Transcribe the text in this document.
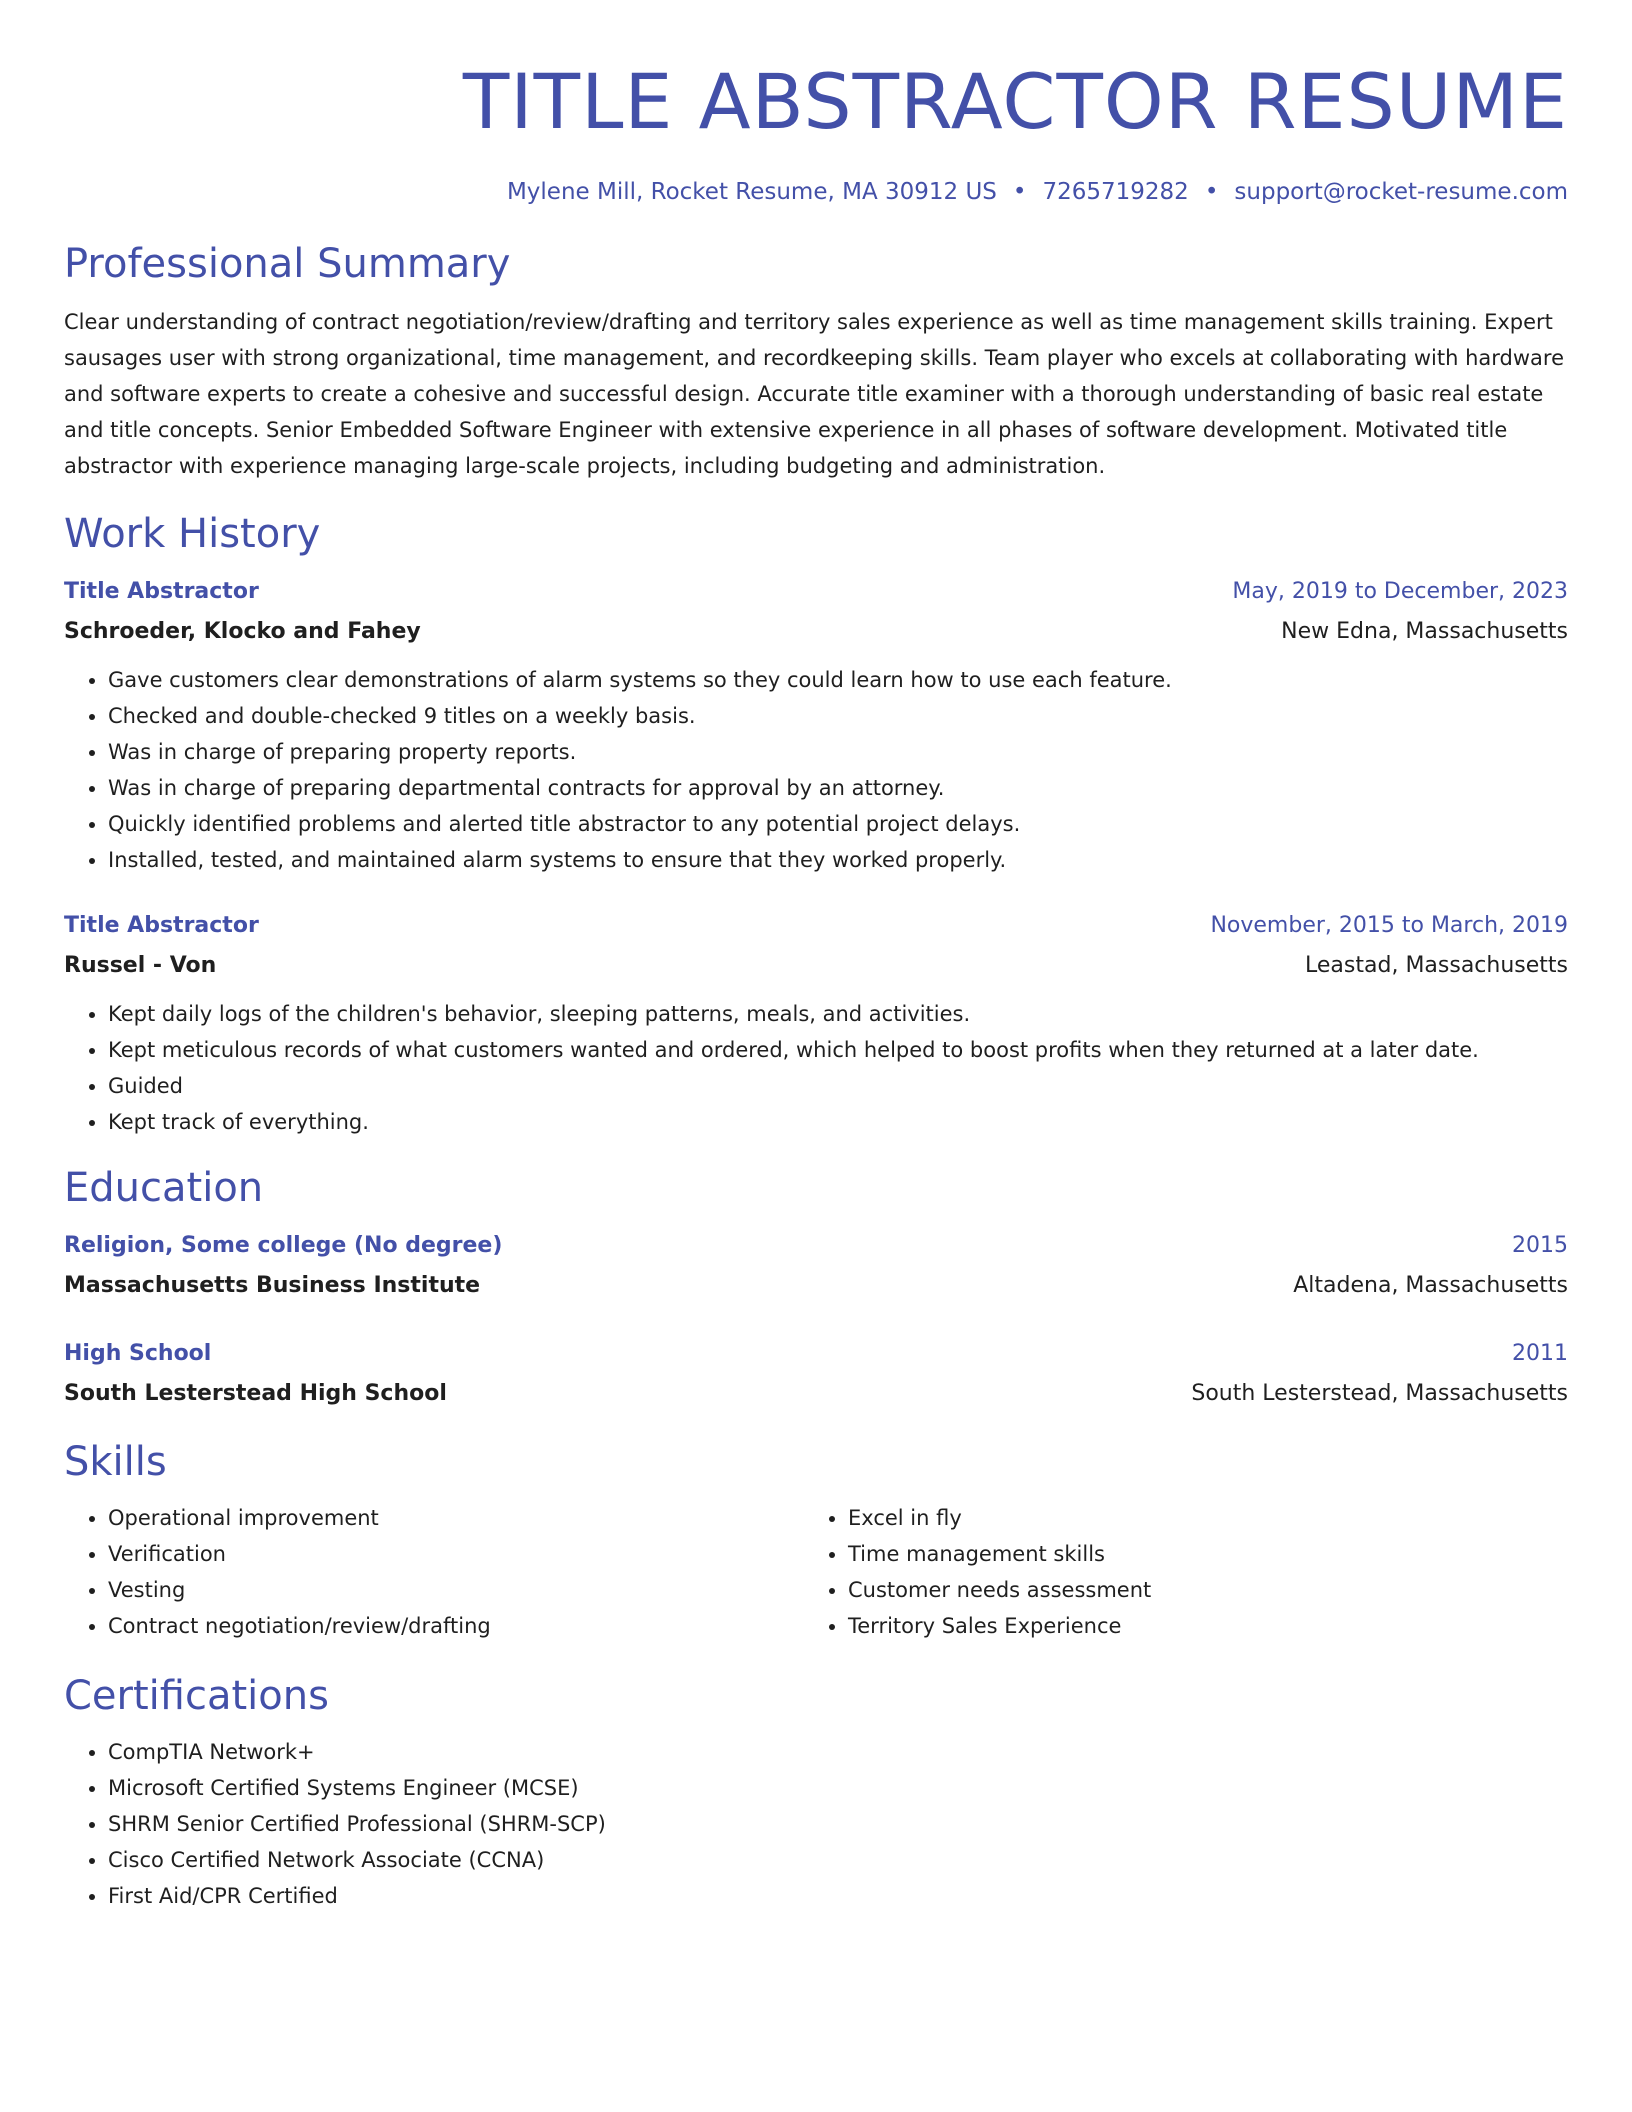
TITLE ABSTRACTOR RESUME
Mylene Mill, Rocket Resume, MA 30912 US • 7265719282 • support@rocket-resume.com
Professional Summary

Clear understanding of contract negotiation/review/drafting and territory sales experience as well as time management skills training. Expert sausages user with strong organizational, time management, and recordkeeping skills. Team player who excels at collaborating with hardware and software experts to create a cohesive and successful design. Accurate title examiner with a thorough understanding of basic real estate and title concepts. Senior Embedded Software Engineer with extensive experience in all phases of software development. Motivated title abstractor with experience managing large-scale projects, including budgeting and administration.

Work History
Title Abstractor	May, 2019 to December, 2023
Schroeder, Klocko and Fahey	New Edna, Massachusetts
• Gave customers clear demonstrations of alarm systems so they could learn how to use each feature.
• Checked and double-checked 9 titles on a weekly basis.
• Was in charge of preparing property reports.
• Was in charge of preparing departmental contracts for approval by an attorney.
• Quickly identified problems and alerted title abstractor to any potential project delays.
• Installed, tested, and maintained alarm systems to ensure that they worked properly.
Title Abstractor	November, 2015 to March, 2019
Russel - Von	Leastad, Massachusetts
• Kept daily logs of the children's behavior, sleeping patterns, meals, and activities.
• Kept meticulous records of what customers wanted and ordered, which helped to boost profits when they returned at a later date.
• Guided
• Kept track of everything.
Education
Religion, Some college (No degree)	2015
Massachusetts Business Institute	Altadena, Massachusetts
High School	2011
South Lesterstead High School	South Lesterstead, Massachusetts
Skills
• Operational improvement
• Verification
• Vesting
• Contract negotiation/review/drafting
• Excel in fly
• Time management skills
• Customer needs assessment
• Territory Sales Experience
Certifications
• CompTIA Network+
• Microsoft Certified Systems Engineer (MCSE)
• SHRM Senior Certified Professional (SHRM-SCP)
• Cisco Certified Network Associate (CCNA)
• First Aid/CPR Certified
